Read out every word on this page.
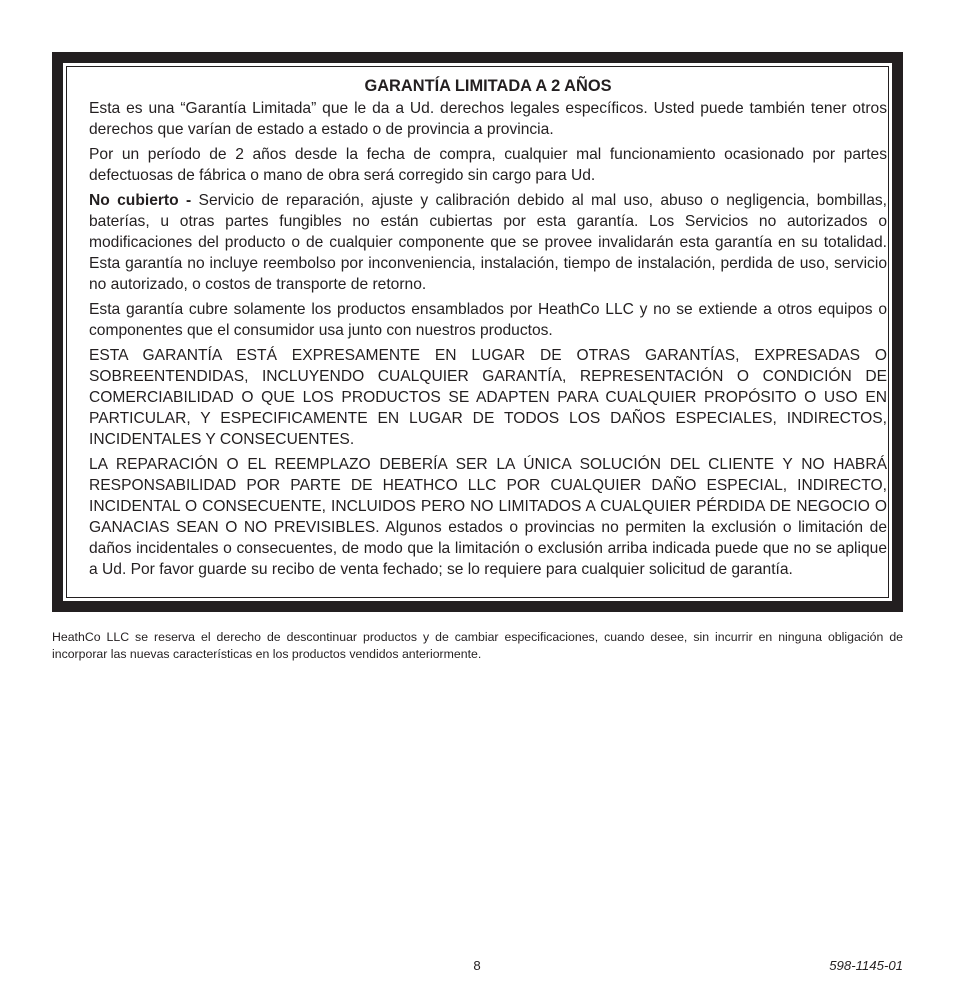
GARANTÍA LIMITADA A 2 AÑOS

Esta es una “Garantía Limitada” que le da a Ud. derechos legales específicos. Usted puede también tener otros derechos que varían de estado a estado o de provincia a provincia.

Por un período de 2 años desde la fecha de compra, cualquier mal funcionamiento ocasionado por partes defectuosas de fábrica o mano de obra será corregido sin cargo para Ud.

No cubierto - Servicio de reparación, ajuste y calibración debido al mal uso, abuso o negligencia, bombillas, baterías, u otras partes fungibles no están cubiertas por esta garantía. Los Servicios no autorizados o modificaciones del producto o de cualquier componente que se provee invalidarán esta garantía en su totalidad. Esta garantía no incluye reembolso por inconveniencia, instalación, tiempo de instalación, perdida de uso, servicio no autorizado, o costos de transporte de retorno.

Esta garantía cubre solamente los productos ensamblados por HeathCo LLC y no se extiende a otros equipos o componentes que el consumidor usa junto con nuestros productos.

ESTA GARANTÍA ESTÁ EXPRESAMENTE EN LUGAR DE OTRAS GARANTÍAS, EXPRESADAS O SOBREENTENDIDAS, INCLUYENDO CUALQUIER GARANTÍA, REPRESENTACIÓN O CONDICIÓN DE COMERCIABILIDAD O QUE LOS PRODUCTOS SE ADAPTEN PARA CUALQUIER PROPÓSITO O USO EN PARTICULAR, Y ESPECIFICAMENTE EN LUGAR DE TODOS LOS DAÑOS ESPECIALES, INDIRECTOS, INCIDENTALES Y CONSECUENTES.

LA REPARACIÓN O EL REEMPLAZO DEBERÍA SER LA ÚNICA SOLUCIÓN DEL CLIENTE Y NO HABRÁ RESPONSABILIDAD POR PARTE DE HEATHCO LLC POR CUALQUIER DAÑO ESPECIAL, INDIRECTO, INCIDENTAL O CONSECUENTE, INCLUIDOS PERO NO LIMITADOS A CUALQUIER PÉRDIDA DE NEGOCIO O GANACIAS SEAN O NO PREVISIBLES. Algunos estados o provincias no permiten la exclusión o limitación de daños incidentales o consecuentes, de modo que la limitación o exclusión arriba indicada puede que no se aplique a Ud. Por favor guarde su recibo de venta fechado; se lo requiere para cualquier solicitud de garantía.

HeathCo LLC se reserva el derecho de descontinuar productos y de cambiar especificaciones, cuando desee, sin incurrir en ninguna obligación de incorporar las nuevas características en los productos vendidos anteriormente.

8	598-1145-01
